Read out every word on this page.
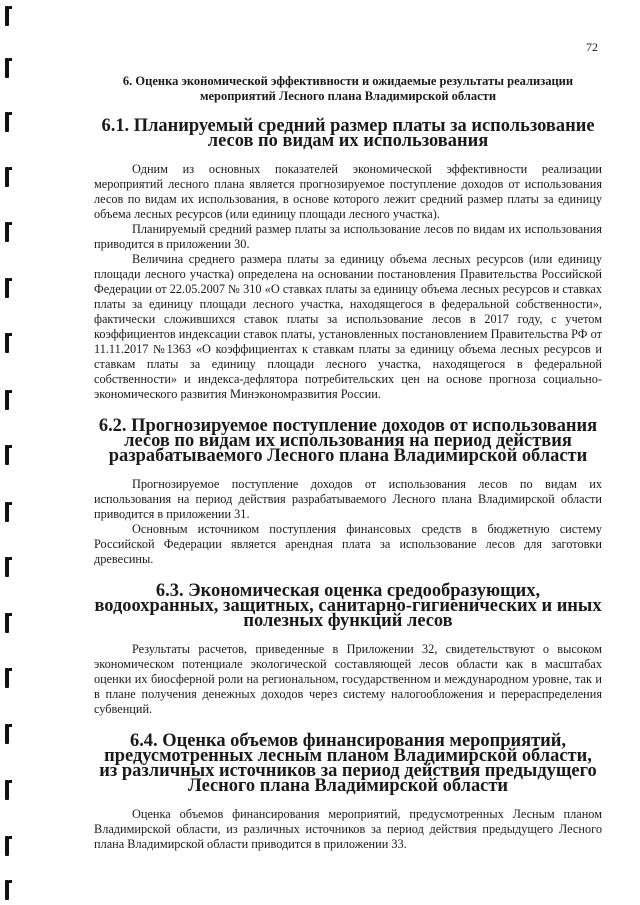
72
6. Оценка экономической эффективности и ожидаемые результаты реализации мероприятий Лесного плана Владимирской области
6.1. Планируемый средний размер платы за использование лесов по видам их использования

Одним из основных показателей экономической эффективности реализации мероприятий лесного плана является прогнозируемое поступление доходов от использования лесов по видам их использования, в основе которого лежит средний размер платы за единицу объема лесных ресурсов (или единицу площади лесного участка).

Планируемый средний размер платы за использование лесов по видам их использования приводится в приложении 30.

Величина среднего размера платы за единицу объема лесных ресурсов (или единицу площади лесного участка) определена на основании постановления Правительства Российской Федерации от 22.05.2007 № 310 «О ставках платы за единицу объема лесных ресурсов и ставках платы за единицу площади лесного участка, находящегося в федеральной собственности», фактически сложившихся ставок платы за использование лесов в 2017 году, с учетом коэффициентов индексации ставок платы, установленных постановлением Правительства РФ от 11.11.2017 №1363 «О коэффициентах к ставкам платы за единицу объема лесных ресурсов и ставкам платы за единицу площади лесного участка, находящегося в федеральной собственности» и индекса-дефлятора потребительских цен на основе прогноза социально-экономического развития Минэкономразвития России.

6.2. Прогнозируемое поступление доходов от использования лесов по видам их использования на период действия разрабатываемого Лесного плана Владимирской области

Прогнозируемое поступление доходов от использования лесов по видам их использования на период действия разрабатываемого Лесного плана Владимирской области приводится в приложении 31.

Основным источником поступления финансовых средств в бюджетную систему Российской Федерации является арендная плата за использование лесов для заготовки древесины.

6.3. Экономическая оценка средообразующих, водоохранных, защитных, санитарно-гигиенических и иных полезных функций лесов

Результаты расчетов, приведенные в Приложении 32, свидетельствуют о высоком экономическом потенциале экологической составляющей лесов области как в масштабах оценки их биосферной роли на региональном, государственном и международном уровне, так и в плане получения денежных доходов через систему налогообложения и перераспределения субвенций.

6.4. Оценка объемов финансирования мероприятий, предусмотренных лесным планом Владимирской области, из различных источников за период действия предыдущего Лесного плана Владимирской области

Оценка объемов финансирования мероприятий, предусмотренных Лесным планом Владимирской области, из различных источников за период действия предыдущего Лесного плана Владимирской области приводится в приложении 33.
